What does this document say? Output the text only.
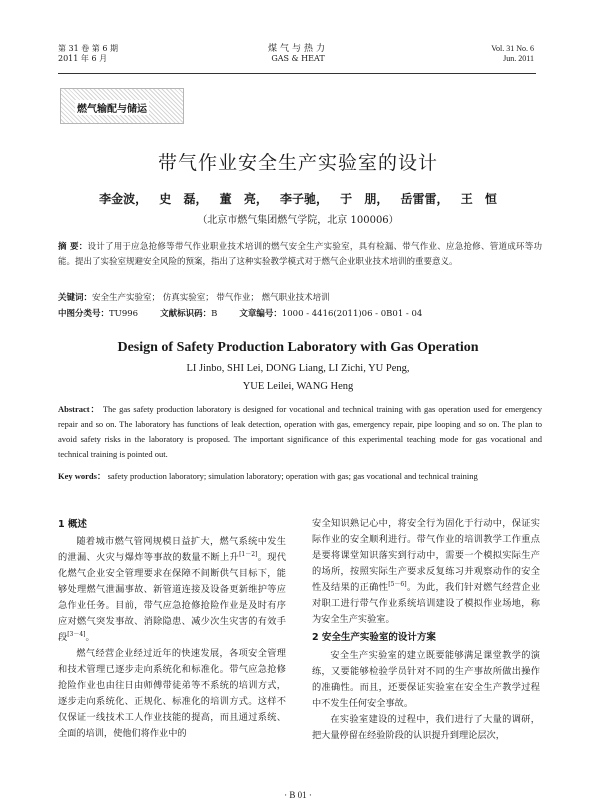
第 31 卷 第 6 期
2011 年 6 月
煤气与热力
GAS & HEAT
Vol. 31 No. 6
Jun. 2011
燃气输配与储运
带气作业安全生产实验室的设计
李金波， 史 磊， 董 亮， 李子驰， 于 朋， 岳雷雷， 王 恒
（北京市燃气集团燃气学院，北京 100006）
摘 要：设计了用于应急抢修等带气作业职业技术培训的燃气安全生产实验室，具有检漏、带气作业、应急抢修、管道成环等功能。提出了实验室规避安全风险的预案，指出了这种实验教学模式对于燃气企业职业技术培训的重要意义。
关键词：安全生产实验室； 仿真实验室； 带气作业； 燃气职业技术培训
中图分类号：TU996	文献标识码：B	文章编号：1000 - 4416(2011)06 - 0B01 - 04
Design of Safety Production Laboratory with Gas Operation
LI Jinbo, SHI Lei, DONG Liang, LI Zichi, YU Peng,
YUE Leilei, WANG Heng
Abstract： The gas safety production laboratory is designed for vocational and technical training with gas operation used for emergency repair and so on. The laboratory has functions of leak detection, operation with gas, emergency repair, pipe looping and so on. The plan to avoid safety risks in the laboratory is proposed. The important significance of this experimental teaching mode for gas vocational and technical training is pointed out.
Key words： safety production laboratory; simulation laboratory; operation with gas; gas vocational and technical training
1 概述

随着城市燃气管网规模日益扩大，燃气系统中发生的泄漏、火灾与爆炸等事故的数量不断上升[1－2]。现代化燃气企业安全管理要求在保障不间断供气目标下，能够处理燃气泄漏事故、新管道连接及设备更新维护等应急作业任务。目前，带气应急抢修抢险作业是及时有序应对燃气突发事故、消除隐患、减少次生灾害的有效手段[3－4]。

燃气经营企业经过近年的快速发展，各项安全管理和技术管理已逐步走向系统化和标准化。带气应急抢修抢险作业也由往日由师傅带徒弟等不系统的培训方式，逐步走向系统化、正规化、标准化的培训方式。这样不仅保证一线技术工人作业技能的提高，而且通过系统、全面的培训，使他们将作业中的

安全知识熟记心中，将安全行为固化于行动中，保证实际作业的安全顺利进行。带气作业的培训教学工作重点是要将课堂知识落实到行动中，需要一个模拟实际生产的场所，按照实际生产要求反复练习并观察动作的安全性及结果的正确性[5－6]。为此，我们针对燃气经营企业对职工进行带气作业系统培训建设了模拟作业场地，称为安全生产实验室。

2 安全生产实验室的设计方案

安全生产实验室的建立既要能够满足课堂教学的演练，又要能够检验学员针对不同的生产事故所做出操作的准确性。而且，还要保证实验室在安全生产教学过程中不发生任何安全事故。

在实验室建设的过程中，我们进行了大量的调研，把大量停留在经验阶段的认识提升到理论层次，

· B 01 ·
